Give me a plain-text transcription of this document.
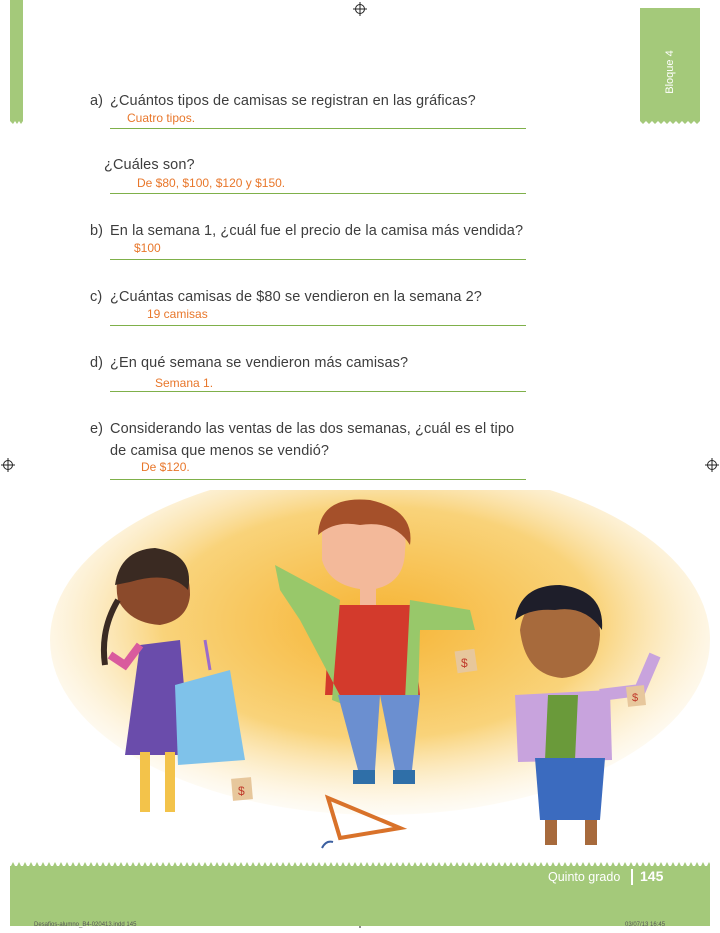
Bloque 4
a) ¿Cuántos tipos de camisas se registran en las gráficas?
Cuatro tipos.
¿Cuáles son?
De $80, $100, $120 y $150.
b) En la semana 1, ¿cuál fue el precio de la camisa más vendida?
$100
c) ¿Cuántas camisas de $80 se vendieron en la semana 2?
19 camisas
d) ¿En qué semana se vendieron más camisas?
Semana 1.
e) Considerando las ventas de las dos semanas, ¿cuál es el tipo
de camisa que menos se vendió?
De $120.
$
$
$
Quinto grado 145
Desafios-alumno_B4-020413.indd 145	03/07/13 16:45
